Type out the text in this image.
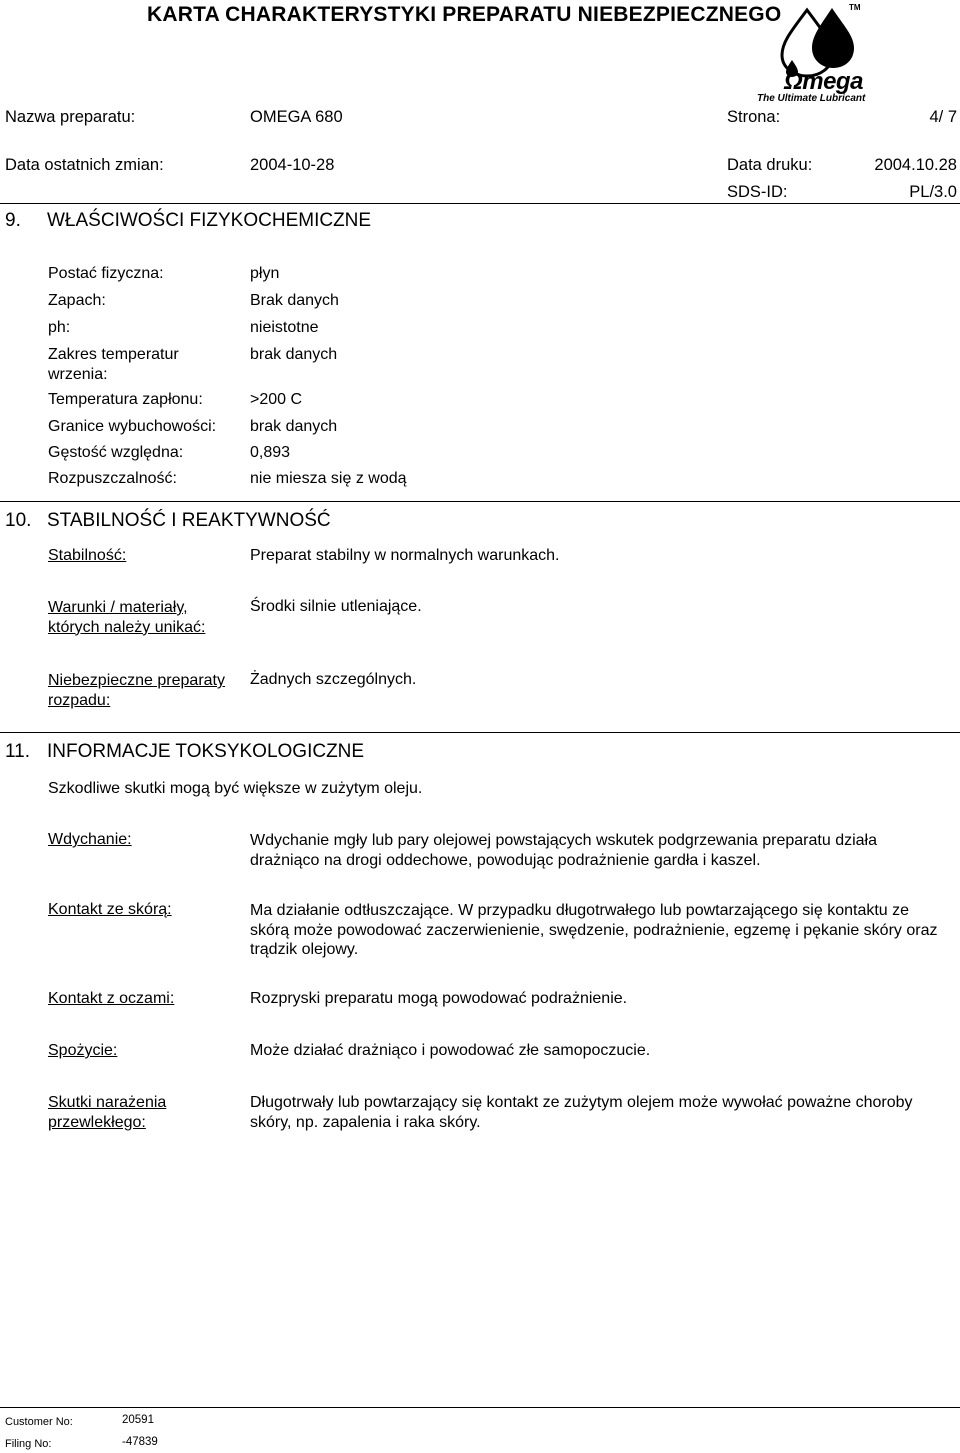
KARTA CHARAKTERYSTYKI PREPARATU NIEBEZPIECZNEGO	TM
Ωmega
The Ultimate Lubricant
Nazwa preparatu:	OMEGA 680	Strona:	4/ 7
Data ostatnich zmian:	2004-10-28	Data druku:	2004.10.28
SDS-ID:	PL/3.0
9. WŁAŚCIWOŚCI FIZYKOCHEMICZNE
Postać fizyczna:	płyn
Zapach:	Brak danych
ph:	nieistotne
Zakres temperatur wrzenia:
brak danych
Temperatura zapłonu:	>200 C
Granice wybuchowości: brak danych
Gęstość względna:	0,893
Rozpuszczalność:	nie miesza się z wodą
10. STABILNOŚĆ I REAKTYWNOŚĆ
Stabilność:	Preparat stabilny w normalnych warunkach.
Warunki / materiały, których należy unikać:
Środki silnie utleniające.
Niebezpieczne preparaty rozpadu:
Żadnych szczególnych.
11. INFORMACJE TOKSYKOLOGICZNE
Szkodliwe skutki mogą być większe w zużytym oleju.
Wdychanie:	Wdychanie mgły lub pary olejowej powstających wskutek podgrzewania preparatu działa drażniąco na drogi oddechowe, powodując podrażnienie gardła i kaszel.
Kontakt ze skórą:	Ma działanie odtłuszczające. W przypadku długotrwałego lub powtarzającego się kontaktu ze skórą może powodować zaczerwienienie, swędzenie, podrażnienie, egzemę i pękanie skóry oraz trądzik olejowy.
Kontakt z oczami:	Rozpryski preparatu mogą powodować podrażnienie.
Spożycie:	Może działać drażniąco i powodować złe samopoczucie.
Skutki narażenia przewlekłego:
Długotrwały lub powtarzający się kontakt ze zużytym olejem może wywołać poważne choroby skóry, np. zapalenia i raka skóry.
Customer No:	20591
Filing No:	-47839
